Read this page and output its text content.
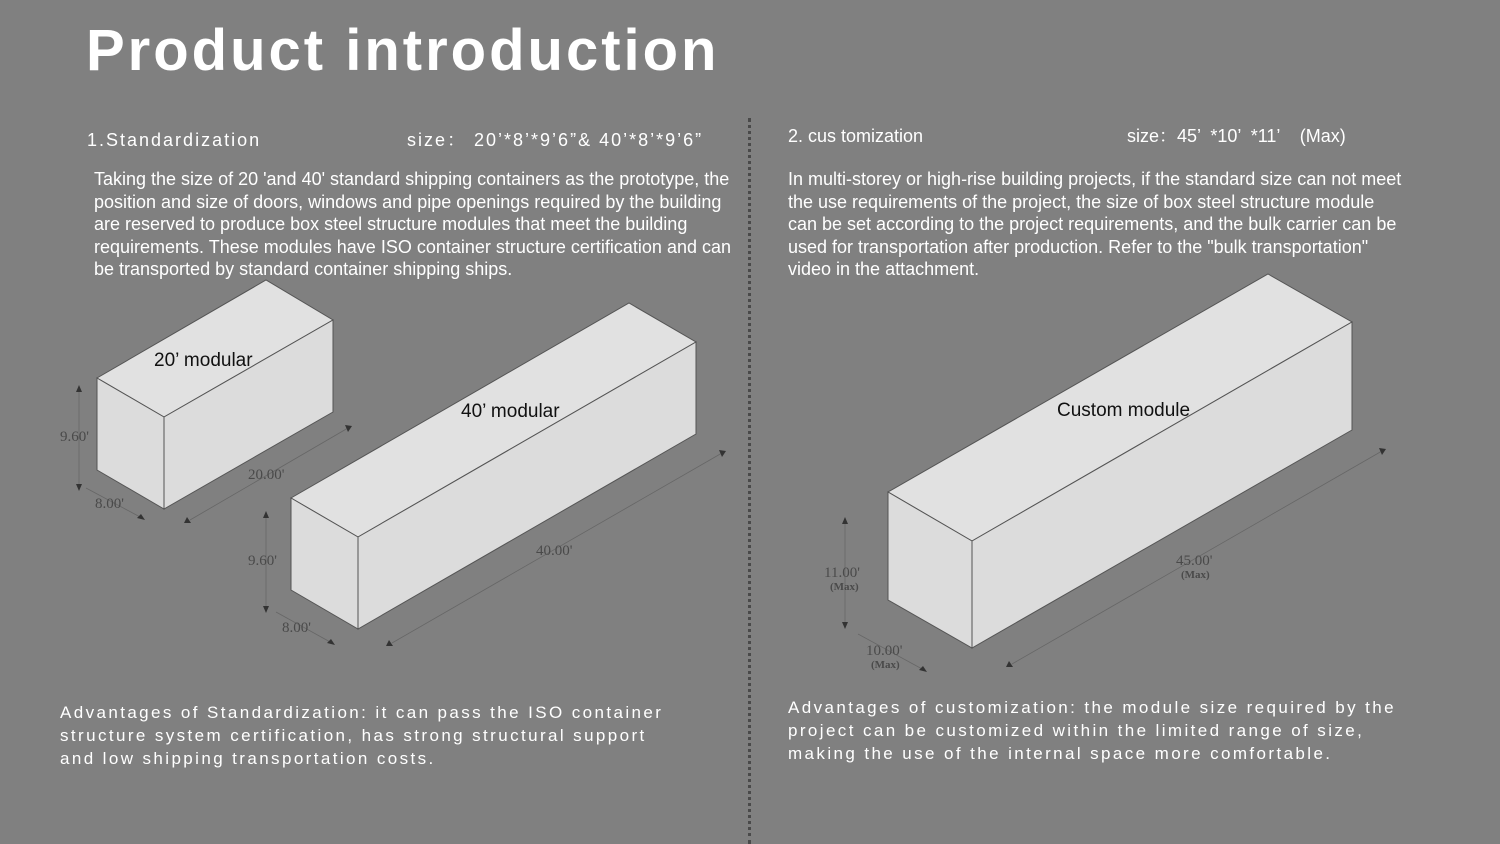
Product introduction
1.Standardization	size： 20’*8’*9’6”& 40’*8’*9’6”

Taking the size of 20 'and 40' standard shipping containers as the prototype, the position and size of doors, windows and pipe openings required by the building are reserved to produce box steel structure modules that meet the building requirements. These modules have ISO container structure certification and can be transported by standard container shipping ships.

Advantages of Standardization: it can pass the ISO container structure system certification, has strong structural support and low shipping transportation costs.

2. cus tomization	size：45’  *10’  *11’    (Max)

In multi-storey or high-rise building projects, if the standard size can not meet the use requirements of the project, the size of box steel structure module can be set according to the project requirements, and the bulk carrier can be used for transportation after production. Refer to the "bulk transportation" video in the attachment.

Advantages of customization: the module size required by the project can be customized within the limited range of size, making the use of the internal space more comfortable.

20’ modular
9.60'
20.00'
8.00'
40’ modular
9.60'
40.00'
8.00'
Custom module
11.00'
(Max)
45.00'
(Max)
10.00'
(Max)
